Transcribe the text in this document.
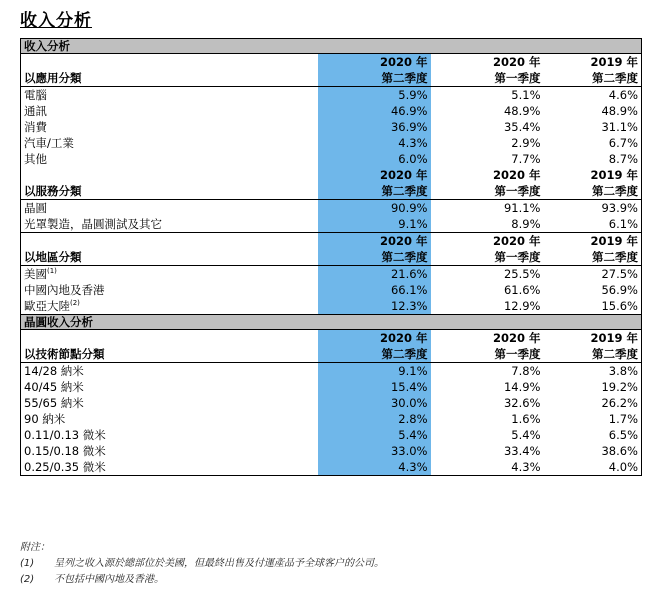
收入分析
收入分析			
	2020 年	2020 年	2019 年
以應用分類	第二季度	第一季度	第二季度
電腦	5.9%	5.1%	4.6%
通訊	46.9%	48.9%	48.9%
消費	36.9%	35.4%	31.1%
汽車/工業	4.3%	2.9%	6.7%
其他	6.0%	7.7%	8.7%
	2020 年	2020 年	2019 年
以服務分類	第二季度	第一季度	第二季度
晶圓	90.9%	91.1%	93.9%
光罩製造，晶圓測試及其它	9.1%	8.9%	6.1%
	2020 年	2020 年	2019 年
以地區分類	第二季度	第一季度	第二季度
美國$^{(1)}$	21.6%	25.5%	27.5%
中國內地及香港	66.1%	61.6%	56.9%
歐亞大陸$^{(2)}$	12.3%	12.9%	15.6%
晶圓收入分析			
	2020 年	2020 年	2019 年
以技術節點分類	第二季度	第一季度	第二季度
14/28 納米	9.1%	7.8%	3.8%
40/45 納米	15.4%	14.9%	19.2%
55/65 納米	30.0%	32.6%	26.2%
90 納米	2.8%	1.6%	1.7%
0.11/0.13 微米	5.4%	5.4%	6.5%
0.15/0.18 微米	33.0%	33.4%	38.6%
0.25/0.35 微米	4.3%	4.3%	4.0%
附注：
(1) 呈列之收入源於總部位於美國，但最終出售及付運產品予全球客户的公司。
(2) 不包括中國內地及香港。
